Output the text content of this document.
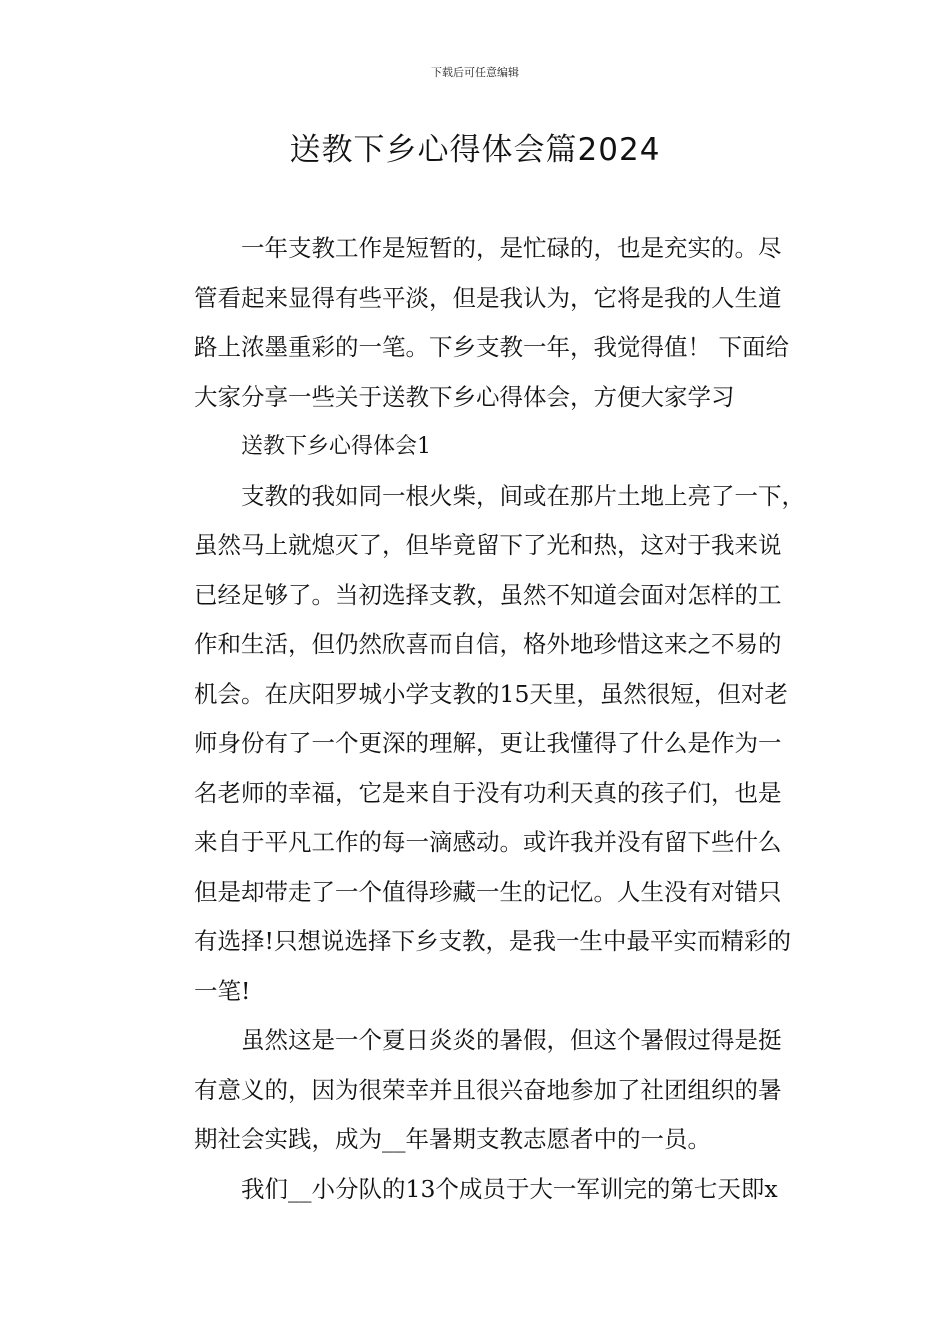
下载后可任意编辑
送教下乡心得体会篇2024
一年支教工作是短暂的，是忙碌的，也是充实的。尽
管看起来显得有些平淡，但是我认为，它将是我的人生道
路上浓墨重彩的一笔。下乡支教一年，我觉得值！ 下面给
大家分享一些关于送教下乡心得体会，方便大家学习
送教下乡心得体会1
支教的我如同一根火柴，间或在那片土地上亮了一下，
虽然马上就熄灭了，但毕竟留下了光和热，这对于我来说
已经足够了。当初选择支教，虽然不知道会面对怎样的工
作和生活，但仍然欣喜而自信，格外地珍惜这来之不易的
机会。在庆阳罗城小学支教的15天里，虽然很短，但对老
师身份有了一个更深的理解，更让我懂得了什么是作为一
名老师的幸福，它是来自于没有功利天真的孩子们，也是
来自于平凡工作的每一滴感动。或许我并没有留下些什么
但是却带走了一个值得珍藏一生的记忆。人生没有对错只
有选择!只想说选择下乡支教，是我一生中最平实而精彩的
一笔!
虽然这是一个夏日炎炎的暑假，但这个暑假过得是挺
有意义的，因为很荣幸并且很兴奋地参加了社团组织的暑
期社会实践，成为__年暑期支教志愿者中的一员。
我们__小分队的13个成员于大一军训完的第七天即x
